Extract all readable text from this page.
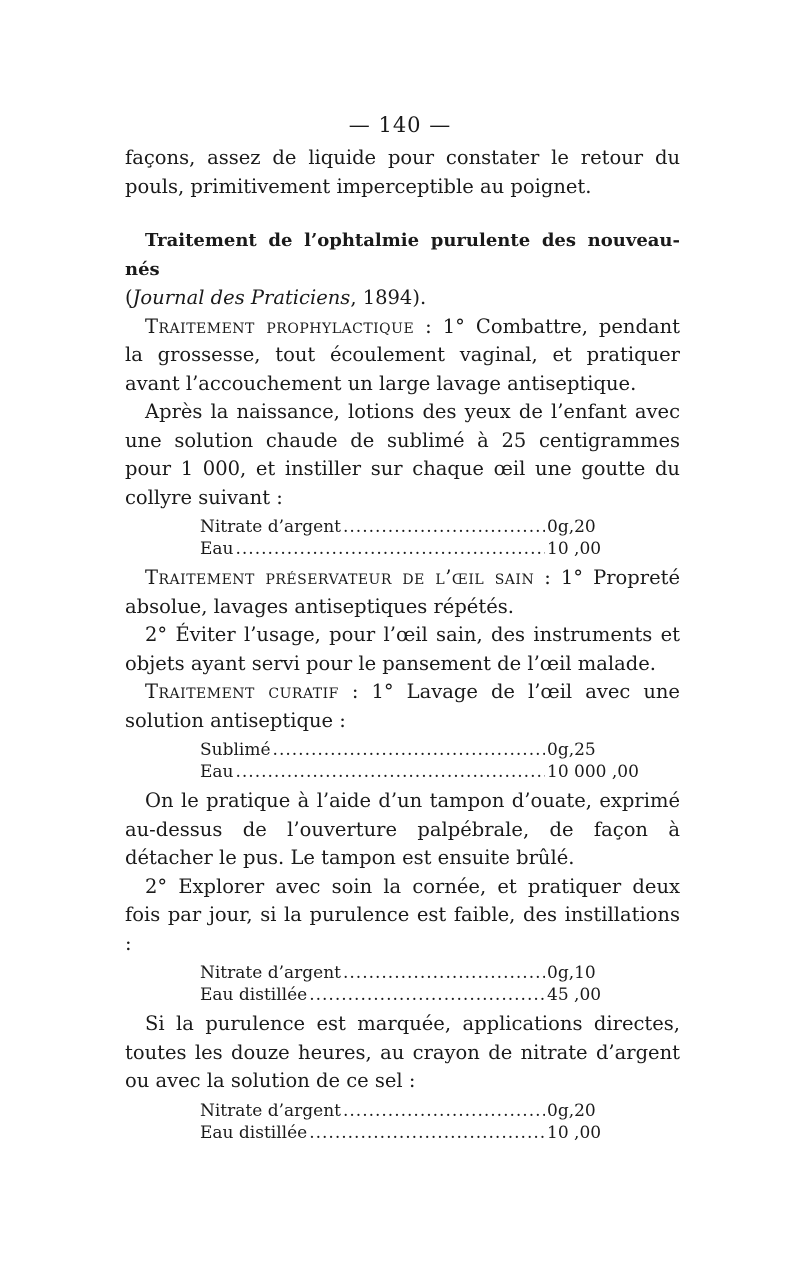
— 140 —

façons, assez de liquide pour constater le retour du pouls, primitivement imperceptible au poignet.

Traitement de l’ophtalmie purulente des nouveau-nés

(Journal des Praticiens, 1894).

Traitement prophylactique : 1° Combattre, pendant la grossesse, tout écoulement vaginal, et pratiquer avant l’accouchement un large lavage antiseptique.

Après la naissance, lotions des yeux de l’enfant avec une solution chaude de sublimé à 25 centigrammes pour 1 000, et instiller sur chaque œil une goutte du collyre suivant :

Nitrate d’argent .....	0g,20
Eau .....	10 ,00

Traitement préservateur de l’œil sain : 1° Propreté absolue, lavages antiseptiques répétés.

2° Éviter l’usage, pour l’œil sain, des instruments et objets ayant servi pour le pansement de l’œil malade.

Traitement curatif : 1° Lavage de l’œil avec une solution antiseptique :

Sublimé .....	0g,25
Eau .....	10 000 ,00

On le pratique à l’aide d’un tampon d’ouate, exprimé au-dessus de l’ouverture palpébrale, de façon à détacher le pus. Le tampon est ensuite brûlé.

2° Explorer avec soin la cornée, et pratiquer deux fois par jour, si la purulence est faible, des instillations :

Nitrate d’argent .....	0g,10
Eau distillée .....	45 ,00

Si la purulence est marquée, applications directes, toutes les douze heures, au crayon de nitrate d’argent ou avec la solution de ce sel :

Nitrate d’argent .....	0g,20
Eau distillée .....	10 ,00
